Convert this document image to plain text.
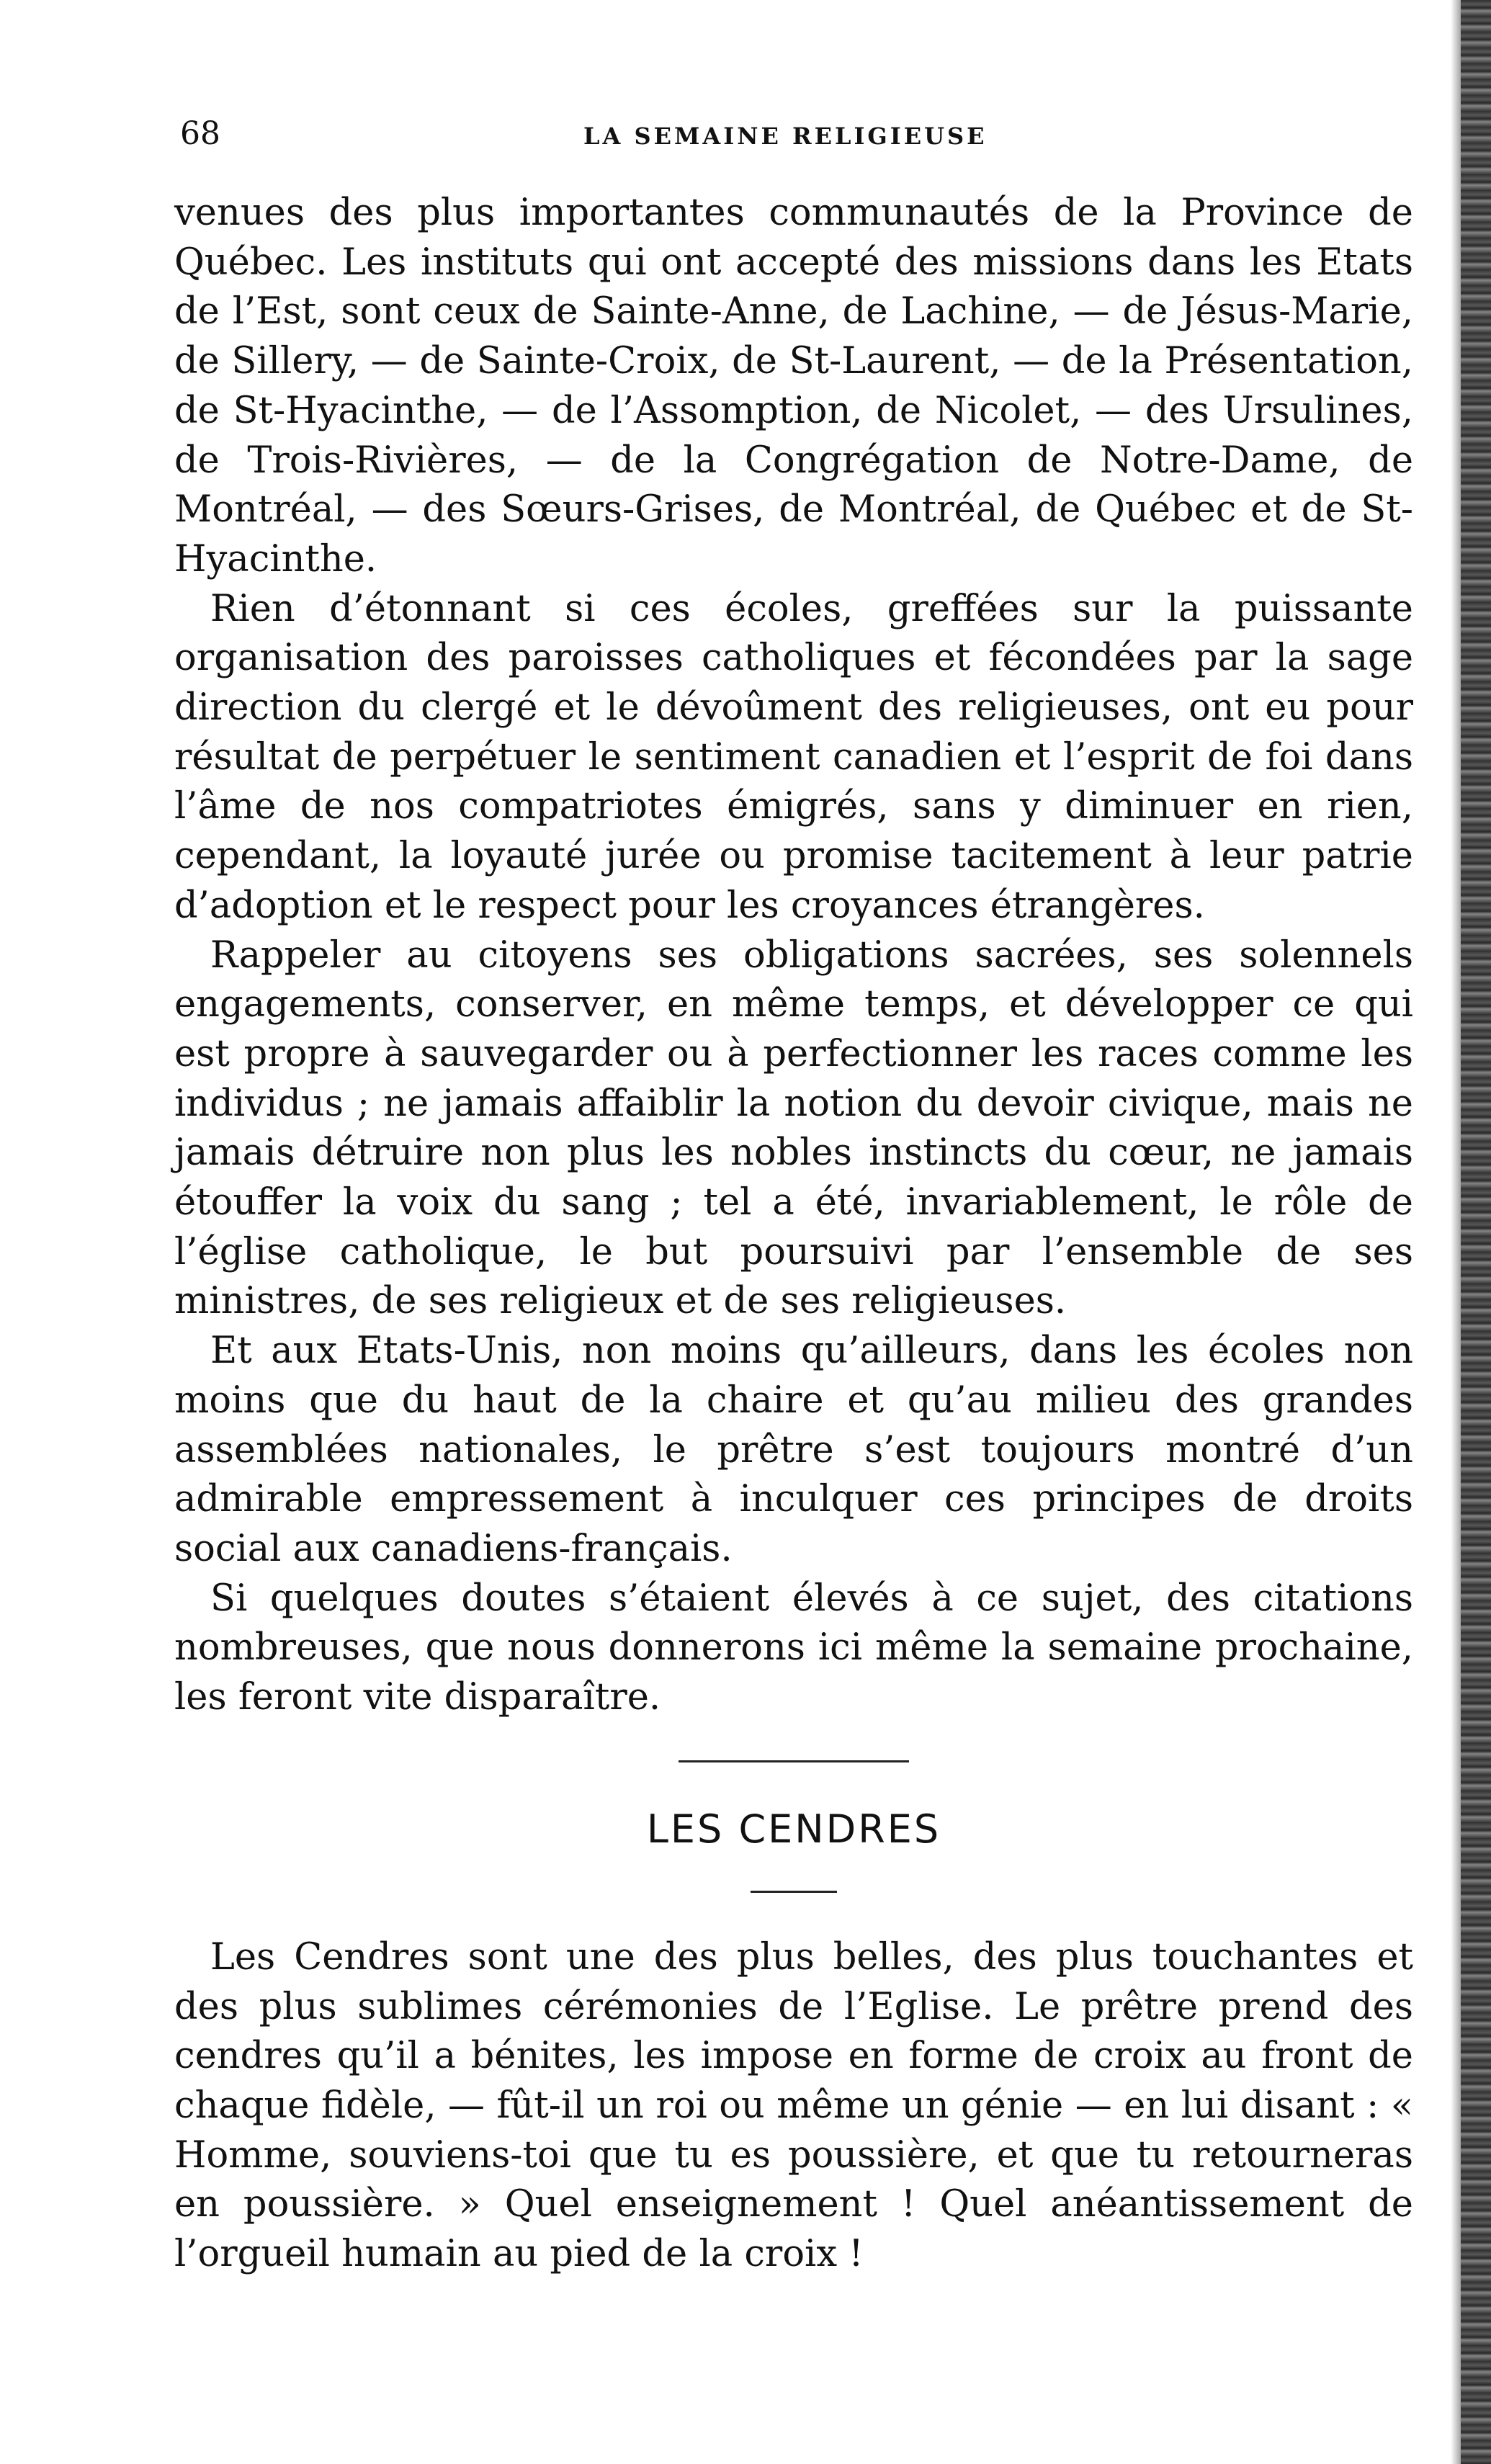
68	LA SEMAINE RELIGIEUSE

venues des plus importantes communautés de la Province de Québec. Les instituts qui ont accepté des missions dans les Etats de l’Est, sont ceux de Sainte-Anne, de Lachine, — de Jésus-Marie, de Sillery, — de Sainte-Croix, de St-Laurent, — de la Présentation, de St-Hyacinthe, — de l’Assomption, de Nicolet, — des Ursulines, de Trois-Rivières, — de la Congrégation de Notre-Dame, de Montréal, — des Sœurs-Grises, de Montréal, de Québec et de St-Hyacinthe.

Rien d’étonnant si ces écoles, greffées sur la puissante organisation des paroisses catholiques et fécondées par la sage direction du clergé et le dévoûment des religieuses, ont eu pour résultat de perpétuer le sentiment canadien et l’esprit de foi dans l’âme de nos compatriotes émigrés, sans y diminuer en rien, cependant, la loyauté jurée ou promise tacitement à leur patrie d’adoption et le respect pour les croyances étrangères.

Rappeler au citoyens ses obligations sacrées, ses solennels engagements, conserver, en même temps, et développer ce qui est propre à sauvegarder ou à perfectionner les races comme les individus ; ne jamais affaiblir la notion du devoir civique, mais ne jamais détruire non plus les nobles instincts du cœur, ne jamais étouffer la voix du sang ; tel a été, invariablement, le rôle de l’église catholique, le but poursuivi par l’ensemble de ses ministres, de ses religieux et de ses religieuses.

Et aux Etats-Unis, non moins qu’ailleurs, dans les écoles non moins que du haut de la chaire et qu’au milieu des grandes assemblées nationales, le prêtre s’est toujours montré d’un admirable empressement à inculquer ces principes de droits social aux canadiens-français.

Si quelques doutes s’étaient élevés à ce sujet, des citations nombreuses, que nous donnerons ici même la semaine prochaine, les feront vite disparaître.

LES CENDRES

Les Cendres sont une des plus belles, des plus touchantes et des plus sublimes cérémonies de l’Eglise. Le prêtre prend des cendres qu’il a bénites, les impose en forme de croix au front de chaque fidèle, — fût-il un roi ou même un génie — en lui disant : « Homme, souviens-toi que tu es poussière, et que tu retourneras en poussière. » Quel enseignement ! Quel anéantissement de l’orgueil humain au pied de la croix !
